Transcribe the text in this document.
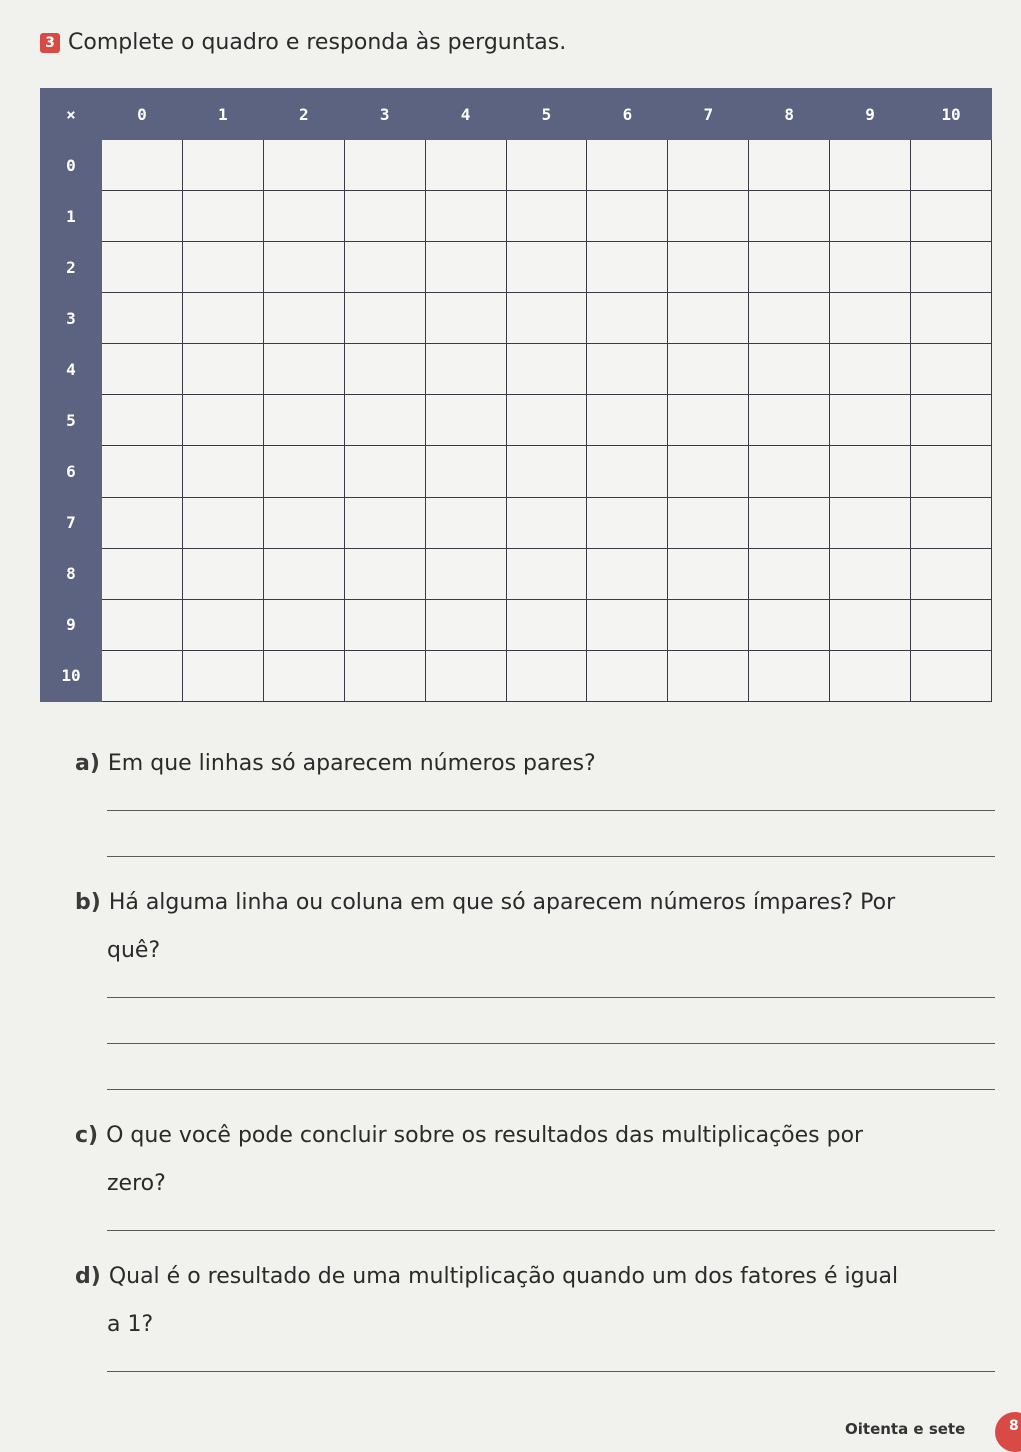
3 Complete o quadro e responda às perguntas.
×	0	1	2	3	4	5	6	7	8	9	10
0											
1											
2											
3											
4											
5											
6											
7											
8											
9											
10											
a) Em que linhas só aparecem números pares?
b) Há alguma linha ou coluna em que só aparecem números ímpares? Por
quê?
c) O que você pode concluir sobre os resultados das multiplicações por
zero?
d) Qual é o resultado de uma multiplicação quando um dos fatores é igual
a 1?
Oitenta e sete	8
